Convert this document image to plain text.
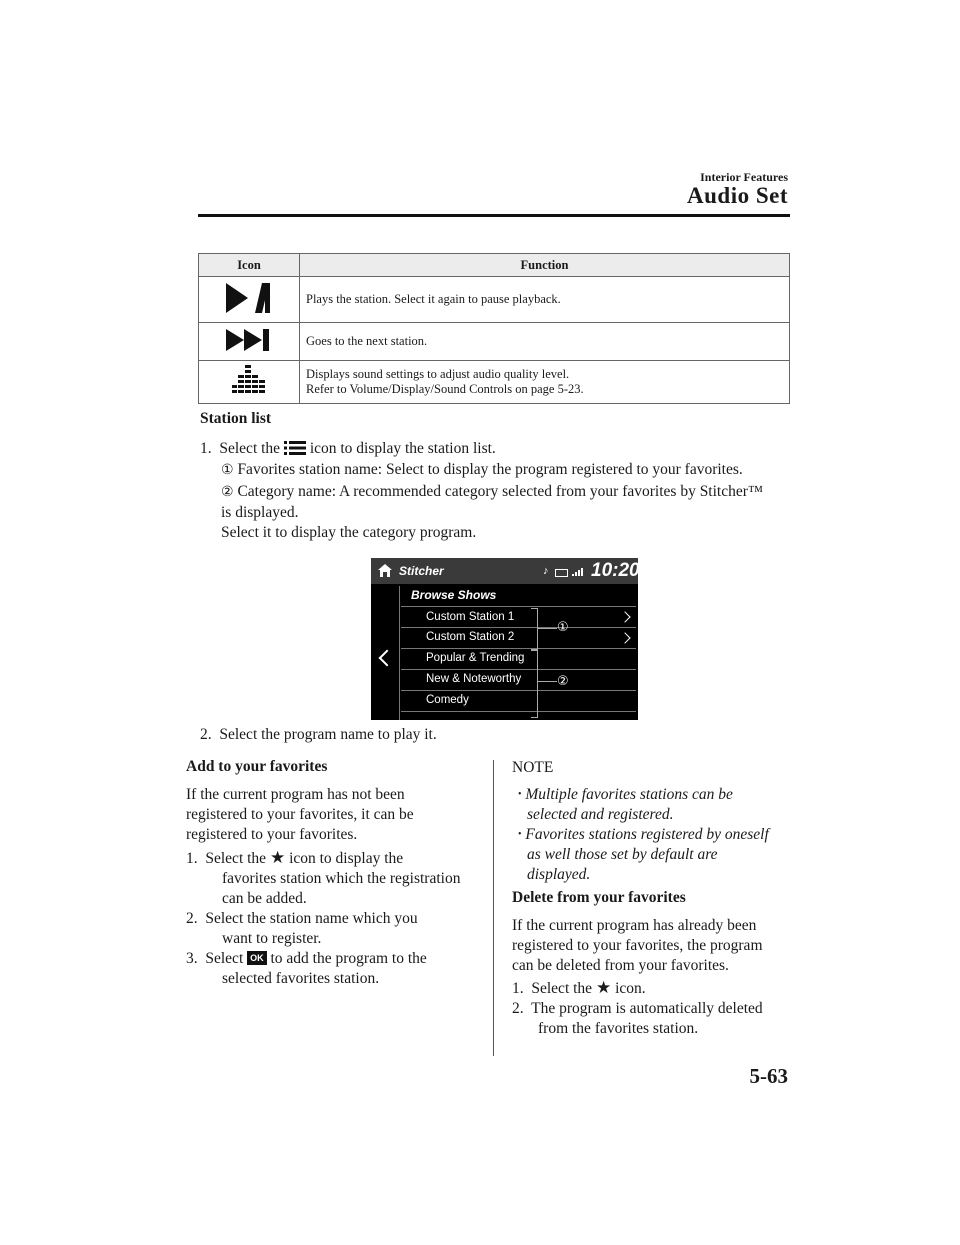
Interior Features
Audio Set
Icon	Function
	Plays the station. Select it again to pause playback.
	Goes to the next station.

Displays sound settings to adjust audio quality level.
Refer to Volume/Display/Sound Controls on page 5-23.
Station list
1.  Select the  icon to display the station list.
① Favorites station name: Select to display the program registered to your favorites.
② Category name: A recommended category selected from your favorites by Stitcher™
is displayed.
Select it to display the category program.
Stitcher	♪ 10:20
Browse Shows
Custom Station 1
Custom Station 2
Popular & Trending
New & Noteworthy
Comedy
①
②
2.  Select the program name to play it.
Add to your favorites
If the current program has not been
registered to your favorites, it can be
registered to your favorites.
1.  Select the ★ icon to display the
favorites station which the registration
can be added.
2.  Select the station name which you
want to register.
3.  Select OK to add the program to the
selected favorites station.
NOTE
• Multiple favorites stations can be
selected and registered.
• Favorites stations registered by oneself
as well those set by default are
displayed.
Delete from your favorites
If the current program has already been
registered to your favorites, the program
can be deleted from your favorites.
1.  Select the ★ icon.
2.  The program is automatically deleted
from the favorites station.
5-63
